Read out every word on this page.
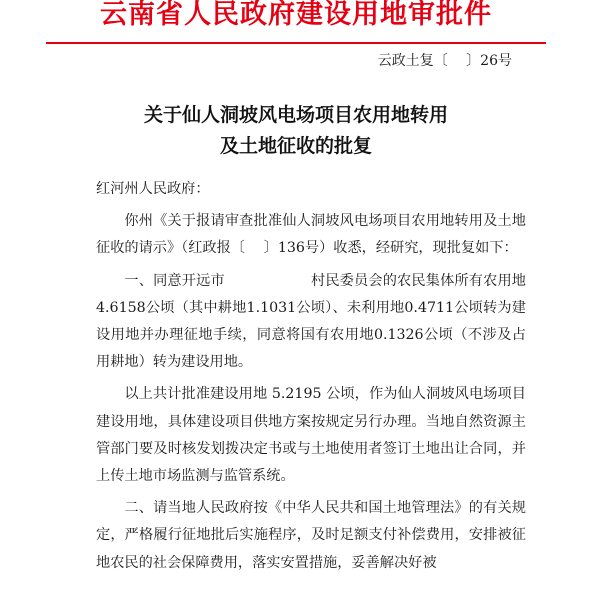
云南省人民政府建设用地审批件
云政土复〔　 〕26号
关于仙人洞坡风电场项目农用地转用
及土地征收的批复

红河州人民政府：

你州《关于报请审查批准仙人洞坡风电场项目农用地转用及土地征收的请示》（红政报〔　 〕136号）收悉，经研究，现批复如下：

一、同意开远市	村民委员会的农民集体所有农用地4.6158公顷（其中耕地1.1031公顷）、未利用地0.4711公顷转为建设用地并办理征地手续，同意将国有农用地0.1326公顷（不涉及占用耕地）转为建设用地。

以上共计批准建设用地 5.2195 公顷，作为仙人洞坡风电场项目建设用地，具体建设项目供地方案按规定另行办理。当地自然资源主管部门要及时核发划拨决定书或与土地使用者签订土地出让合同，并上传土地市场监测与监管系统。

二、请当地人民政府按《中华人民共和国土地管理法》的有关规定，严格履行征地批后实施程序，及时足额支付补偿费用，安排被征地农民的社会保障费用，落实安置措施，妥善解决好被
